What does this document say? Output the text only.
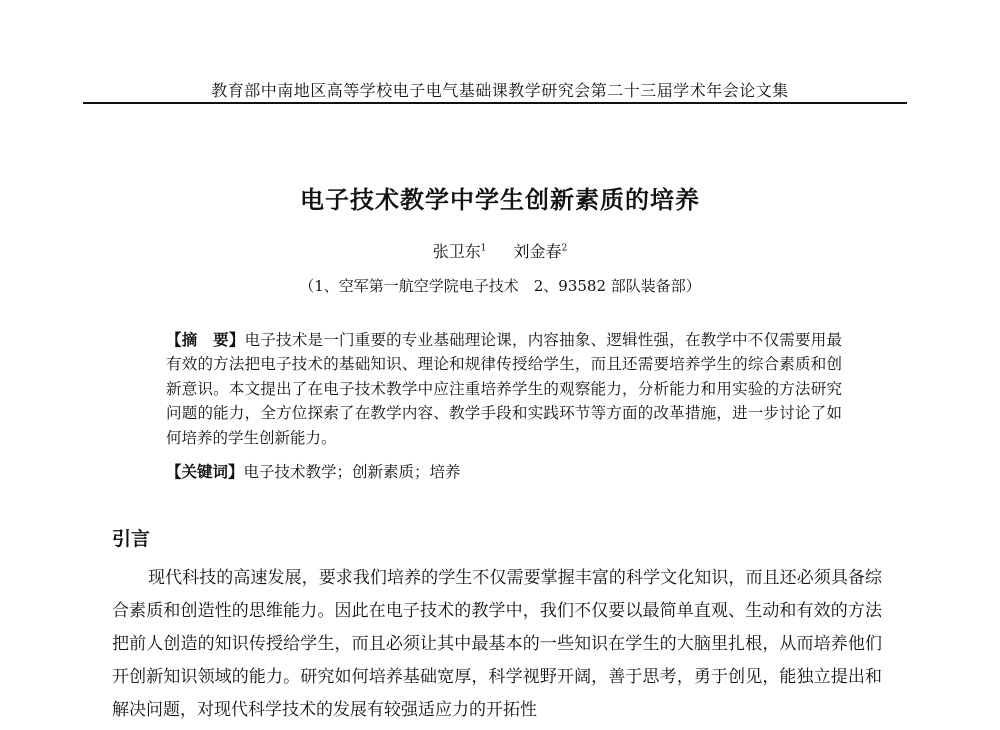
教育部中南地区高等学校电子电气基础课教学研究会第二十三届学术年会论文集
电子技术教学中学生创新素质的培养
张卫东$^1$ 刘金春$^2$
（1、空军第一航空学院电子技术　2、93582 部队装备部）
【摘　要】电子技术是一门重要的专业基础理论课，内容抽象、逻辑性强，在教学中不仅需要用最有效的方法把电子技术的基础知识、理论和规律传授给学生，而且还需要培养学生的综合素质和创新意识。本文提出了在电子技术教学中应注重培养学生的观察能力，分析能力和用实验的方法研究问题的能力，全方位探索了在教学内容、教学手段和实践环节等方面的改革措施，进一步讨论了如何培养的学生创新能力。
【关键词】电子技术教学；创新素质；培养
引言
现代科技的高速发展，要求我们培养的学生不仅需要掌握丰富的科学文化知识，而且还必须具备综合素质和创造性的思维能力。因此在电子技术的教学中，我们不仅要以最简单直观、生动和有效的方法把前人创造的知识传授给学生，而且必须让其中最基本的一些知识在学生的大脑里扎根，从而培养他们开创新知识领域的能力。研究如何培养基础宽厚，科学视野开阔，善于思考，勇于创见，能独立提出和解决问题，对现代科学技术的发展有较强适应力的开拓性
